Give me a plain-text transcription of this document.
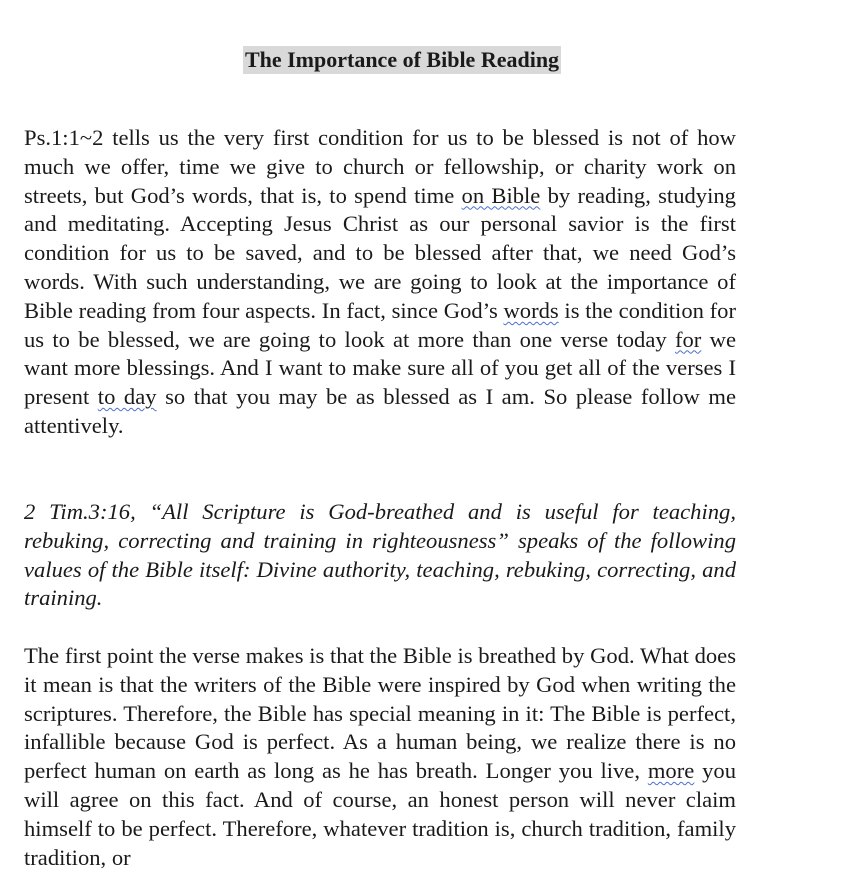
The Importance of Bible Reading

Ps.1:1~2 tells us the very first condition for us to be blessed is not of how much we offer, time we give to church or fellowship, or charity work on streets, but God’s words, that is, to spend time on Bible by reading, studying and meditating. Accepting Jesus Christ as our personal savior is the first condition for us to be saved, and to be blessed after that, we need God’s words. With such understanding, we are going to look at the importance of Bible reading from four aspects. In fact, since God’s words is the condition for us to be blessed, we are going to look at more than one verse today for we want more blessings. And I want to make sure all of you get all of the verses I present to day so that you may be as blessed as I am. So please follow me attentively.

2 Tim.3:16, “All Scripture is God-breathed and is useful for teaching, rebuking, correcting and training in righteousness” speaks of the following values of the Bible itself: Divine authority, teaching, rebuking, correcting, and training.

The first point the verse makes is that the Bible is breathed by God. What does it mean is that the writers of the Bible were inspired by God when writing the scriptures. Therefore, the Bible has special meaning in it: The Bible is perfect, infallible because God is perfect. As a human being, we realize there is no perfect human on earth as long as he has breath. Longer you live, more you will agree on this fact. And of course, an honest person will never claim himself to be perfect. Therefore, whatever tradition is, church tradition, family tradition, or
